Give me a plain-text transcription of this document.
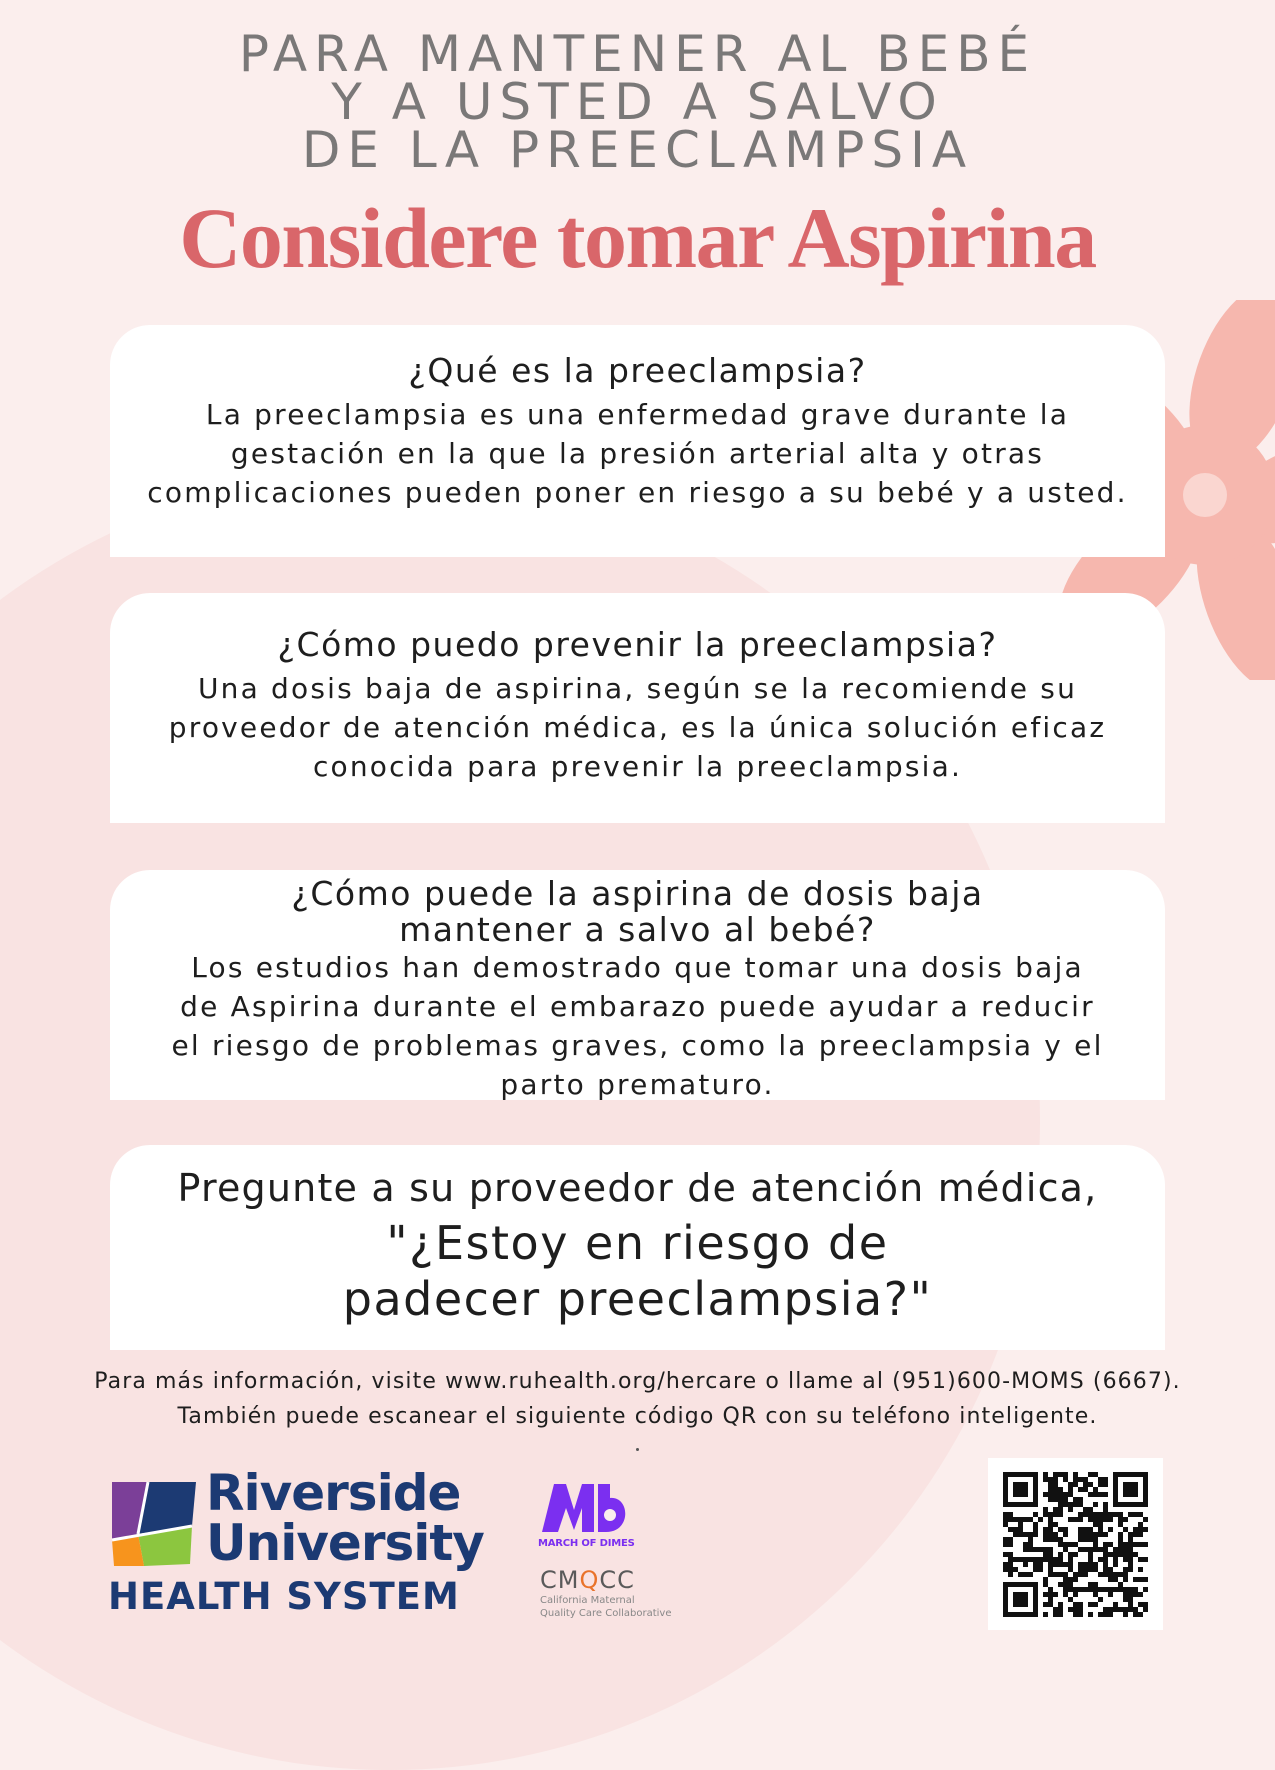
PARA MANTENER AL BEBÉ
Y A USTED A SALVO
DE LA PREECLAMPSIA
Considere tomar Aspirina
¿Qué es la preeclampsia?

La preeclampsia es una enfermedad grave durante la
gestación en la que la presión arterial alta y otras
complicaciones pueden poner en riesgo a su bebé y a usted.

¿Cómo puedo prevenir la preeclampsia?

Una dosis baja de aspirina, según se la recomiende su
proveedor de atención médica, es la única solución eficaz
conocida para prevenir la preeclampsia.

¿Cómo puede la aspirina de dosis baja
mantener a salvo al bebé?

Los estudios han demostrado que tomar una dosis baja
de Aspirina durante el embarazo puede ayudar a reducir
el riesgo de problemas graves, como la preeclampsia y el
parto prematuro.

Pregunte a su proveedor de atención médica,
"¿Estoy en riesgo de
padecer preeclampsia?"
Para más información, visite www.ruhealth.org/hercare o llame al (951)600-MOMS (6667).
También puede escanear el siguiente código QR con su teléfono inteligente.
Riverside
University
HEALTH SYSTEM
MARCH OF DIMES
CMQCC
California Maternal
Quality Care Collaborative
